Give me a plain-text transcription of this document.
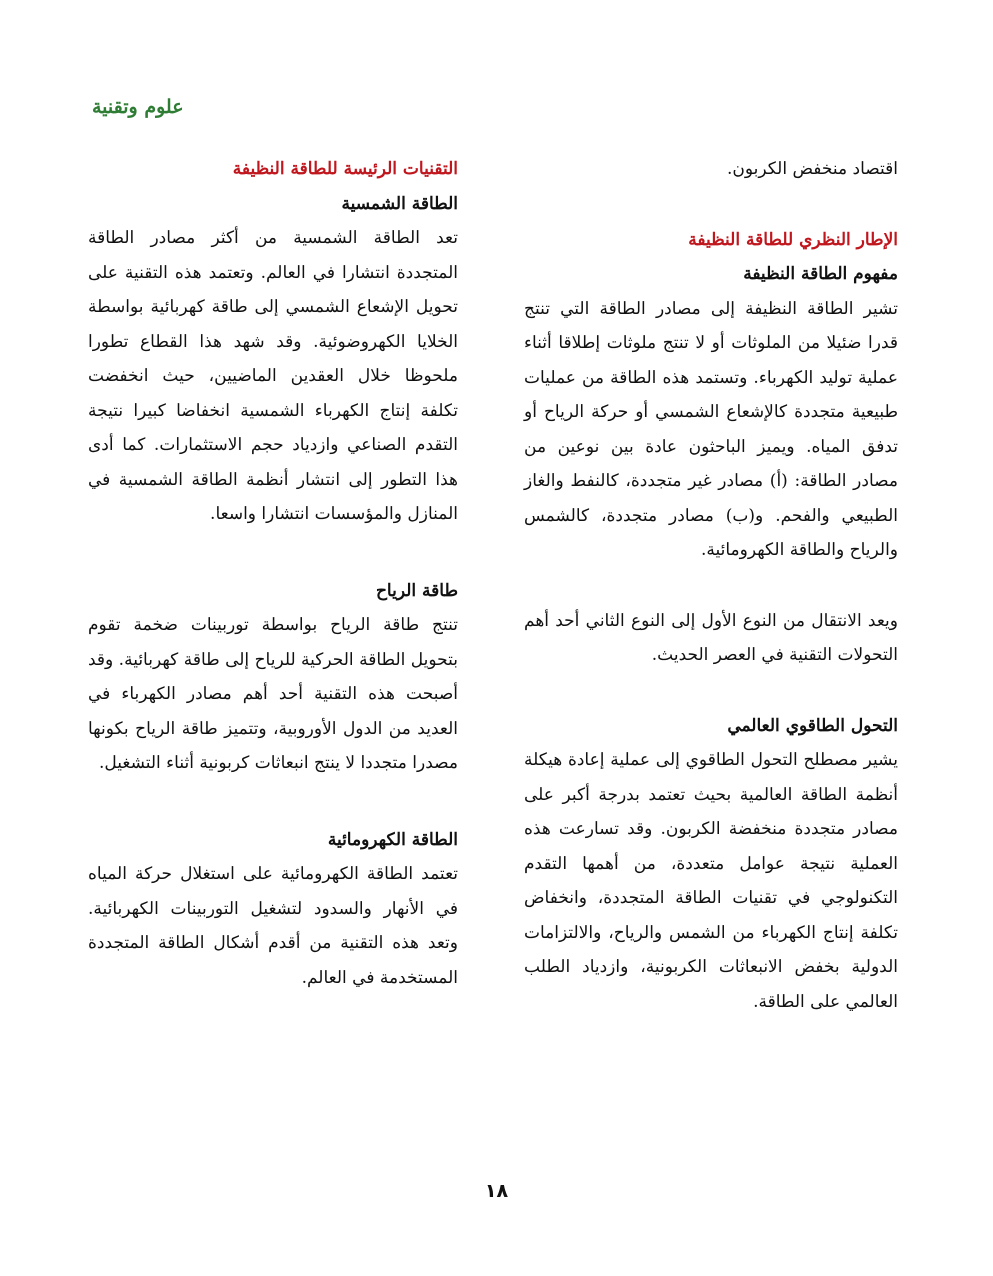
علوم وتقنية

اقتصاد منخفض الكربون.

الإطار النظري للطاقة النظيفة

مفهوم الطاقة النظيفة

تشير الطاقة النظيفة إلى مصادر الطاقة التي تنتج قدرا ضئيلا من الملوثات أو لا تنتج ملوثات إطلاقا أثناء عملية توليد الكهرباء. وتستمد هذه الطاقة من عمليات طبيعية متجددة كالإشعاع الشمسي أو حركة الرياح أو تدفق المياه. ويميز الباحثون عادة بين نوعين من مصادر الطاقة: (أ) مصادر غير متجددة، كالنفط والغاز الطبيعي والفحم. و(ب) مصادر متجددة، كالشمس والرياح والطاقة الكهرومائية.

ويعد الانتقال من النوع الأول إلى النوع الثاني أحد أهم التحولات التقنية في العصر الحديث.

التحول الطاقوي العالمي

يشير مصطلح التحول الطاقوي إلى عملية إعادة هيكلة أنظمة الطاقة العالمية بحيث تعتمد بدرجة أكبر على مصادر متجددة منخفضة الكربون. وقد تسارعت هذه العملية نتيجة عوامل متعددة، من أهمها التقدم التكنولوجي في تقنيات الطاقة المتجددة، وانخفاض تكلفة إنتاج الكهرباء من الشمس والرياح، والالتزامات الدولية بخفض الانبعاثات الكربونية، وازدياد الطلب العالمي على الطاقة.

التقنيات الرئيسة للطاقة النظيفة

الطاقة الشمسية

تعد الطاقة الشمسية من أكثر مصادر الطاقة المتجددة انتشارا في العالم. وتعتمد هذه التقنية على تحويل الإشعاع الشمسي إلى طاقة كهربائية بواسطة الخلايا الكهروضوئية. وقد شهد هذا القطاع تطورا ملحوظا خلال العقدين الماضيين، حيث انخفضت تكلفة إنتاج الكهرباء الشمسية انخفاضا كبيرا نتيجة التقدم الصناعي وازدياد حجم الاستثمارات. كما أدى هذا التطور إلى انتشار أنظمة الطاقة الشمسية في المنازل والمؤسسات انتشارا واسعا.

طاقة الرياح

تنتج طاقة الرياح بواسطة توربينات ضخمة تقوم بتحويل الطاقة الحركية للرياح إلى طاقة كهربائية. وقد أصبحت هذه التقنية أحد أهم مصادر الكهرباء في العديد من الدول الأوروبية، وتتميز طاقة الرياح بكونها مصدرا متجددا لا ينتج انبعاثات كربونية أثناء التشغيل.

الطاقة الكهرومائية

تعتمد الطاقة الكهرومائية على استغلال حركة المياه في الأنهار والسدود لتشغيل التوربينات الكهربائية. وتعد هذه التقنية من أقدم أشكال الطاقة المتجددة المستخدمة في العالم.

١٨
